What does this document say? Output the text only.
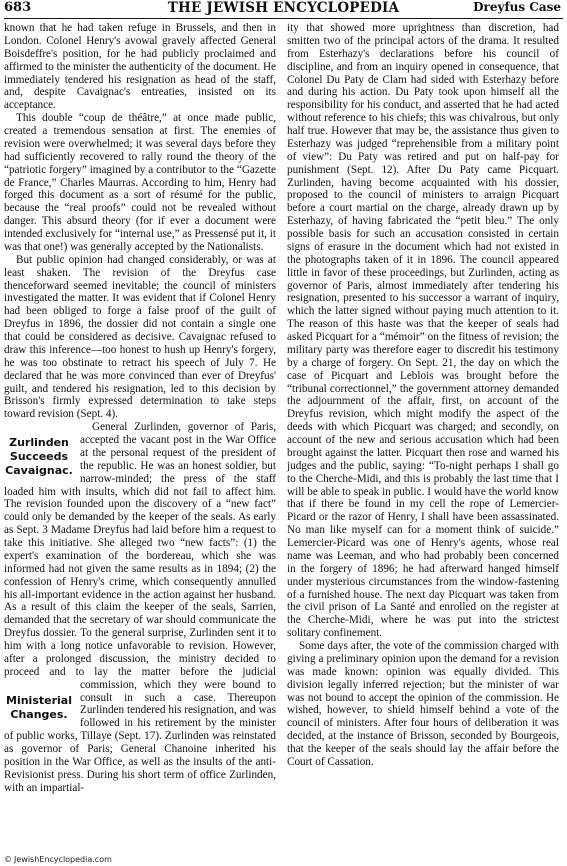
683	THE JEWISH ENCYCLOPEDIA	Dreyfus Case

known that he had taken refuge in Brussels, and then in London. Colonel Henry's avowal gravely affected General Boisdeffre's position, for he had publicly proclaimed and affirmed to the minister the authenticity of the document. He immediately tendered his resignation as head of the staff, and, despite Cavaignac's entreaties, insisted on its acceptance.

This double “coup de théâtre,” at once made public, created a tremendous sensation at first. The enemies of revision were overwhelmed; it was several days before they had sufficiently recovered to rally round the theory of the “patriotic forgery” imagined by a contributor to the “Gazette de France,” Charles Maurras. According to him, Henry had forged this document as a sort of résumé for the public, because the “real proofs” could not be revealed without danger. This absurd theory (for if ever a document were intended exclusively for “internal use,” as Pressensé put it, it was that one!) was generally accepted by the Nationalists.

But public opinion had changed considerably, or was at least shaken. The revision of the Dreyfus case thenceforward seemed inevitable; the council of ministers investigated the matter. It was evident that if Colonel Henry had been obliged to forge a false proof of the guilt of Dreyfus in 1896, the dossier did not contain a single one that could be considered as decisive. Cavaignac refused to draw this inference—too honest to hush up Henry's forgery, he was too obstinate to retract his speech of July 7. He declared that he was more convinced than ever of Dreyfus' guilt, and tendered his resignation, led to this decision by Brisson's firmly expressed determination to take steps toward revision (Sept. 4).

Zurlinden Succeeds Cavaignac.

General Zurlinden, governor of Paris, accepted the vacant post in the War Office at the personal request of the president of the republic. He was an honest soldier, but narrow-minded; the press of the staff loaded him with insults, which did not fail to affect him. The revision founded upon the discovery of a “new fact” could only be demanded by the keeper of the seals. As early as Sept. 3 Madame Dreyfus had laid before him a request to take this initiative. She alleged two “new facts”: (1) the expert's examination of the bordereau, which she was informed had not given the same results as in 1894; (2) the confession of Henry's crime, which consequently annulled his all-important evidence in the action against her husband. As a result of this claim the keeper of the seals, Sarrien, demanded that the secretary of war should communicate the Dreyfus dossier. To the general surprise, Zurlinden sent it to him with a long notice unfavorable to revision. However, after a prolonged discussion, the ministry decided to proceed and to lay the matter before the judicial commission,
Ministerial Changes.
which they were bound to consult in such a case. Thereupon Zurlinden tendered his resignation, and was followed in his retirement by the minister of public works, Tillaye (Sept. 17). Zurlinden was reinstated as governor of Paris; General Chanoine inherited his position in the War Office, as well as the insults of the anti-Revisionist press. During his short term of office Zurlinden, with an impartial-

ity that showed more uprightness than discretion, had smitten two of the principal actors of the drama. It resulted from Esterhazy's declarations before his council of discipline, and from an inquiry opened in consequence, that Colonel Du Paty de Clam had sided with Esterhazy before and during his action. Du Paty took upon himself all the responsibility for his conduct, and asserted that he had acted without reference to his chiefs; this was chivalrous, but only half true. However that may be, the assistance thus given to Esterhazy was judged “reprehensible from a military point of view”: Du Paty was retired and put on half-pay for punishment (Sept. 12). After Du Paty came Picquart. Zurlinden, having become acquainted with his dossier, proposed to the council of ministers to arraign Picquart before a court martial on the charge, already drawn up by Esterhazy, of having fabricated the “petit bleu.” The only possible basis for such an accusation consisted in certain signs of erasure in the document which had not existed in the photographs taken of it in 1896. The council appeared little in favor of these proceedings, but Zurlinden, acting as governor of Paris, almost immediately after tendering his resignation, presented to his successor a warrant of inquiry, which the latter signed without paying much attention to it. The reason of this haste was that the keeper of seals had asked Picquart for a “mémoir” on the fitness of revision; the military party was therefore eager to discredit his testimony by a charge of forgery. On Sept. 21, the day on which the case of Picquart and Leblois was brought before the “tribunal correctionnel,” the government attorney demanded the adjournment of the affair, first, on account of the Dreyfus revision, which might modify the aspect of the deeds with which Picquart was charged; and secondly, on account of the new and serious accusation which had been brought against the latter. Picquart then rose and warned his judges and the public, saying: “To-night perhaps I shall go to the Cherche-Midi, and this is probably the last time that I will be able to speak in public. I would have the world know that if there be found in my cell the rope of Lemercier-Picard or the razor of Henry, I shall have been assassinated. No man like myself can for a moment think of suicide.” Lemercier-Picard was one of Henry's agents, whose real name was Leeman, and who had probably been concerned in the forgery of 1896; he had afterward hanged himself under mysterious circumstances from the window-fastening of a furnished house. The next day Picquart was taken from the civil prison of La Santé and enrolled on the register at the Cherche-Midi, where he was put into the strictest solitary confinement.

Some days after, the vote of the commission charged with giving a preliminary opinion upon the demand for a revision was made known: opinion was equally divided. This division legally inferred rejection; but the minister of war was not bound to accept the opinion of the commission. He wished, however, to shield himself behind a vote of the council of ministers. After four hours of deliberation it was decided, at the instance of Brisson, seconded by Bourgeois, that the keeper of the seals should lay the affair before the Court of Cassation.

© JewishEncyclopedia.com
